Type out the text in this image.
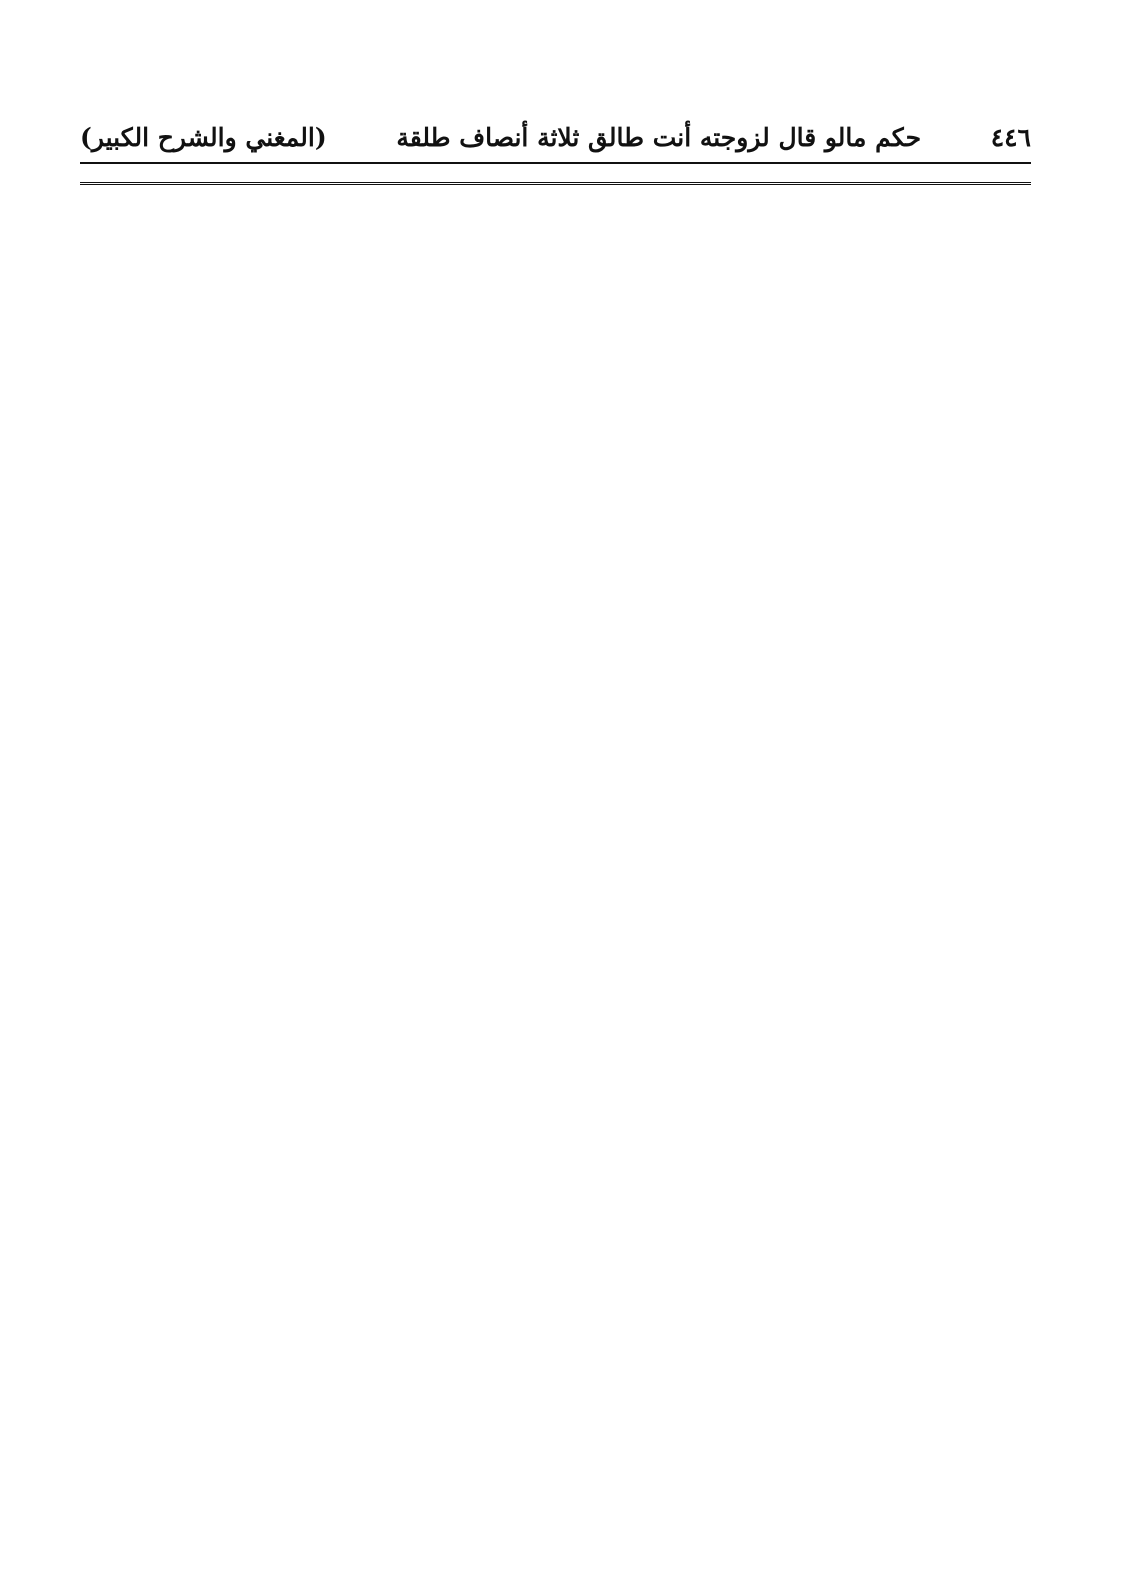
٤٤٦
حكم مالو قال لزوجته أنت طالق ثلاثة أنصاف طلقة
(المغني والشرح الكبير)
